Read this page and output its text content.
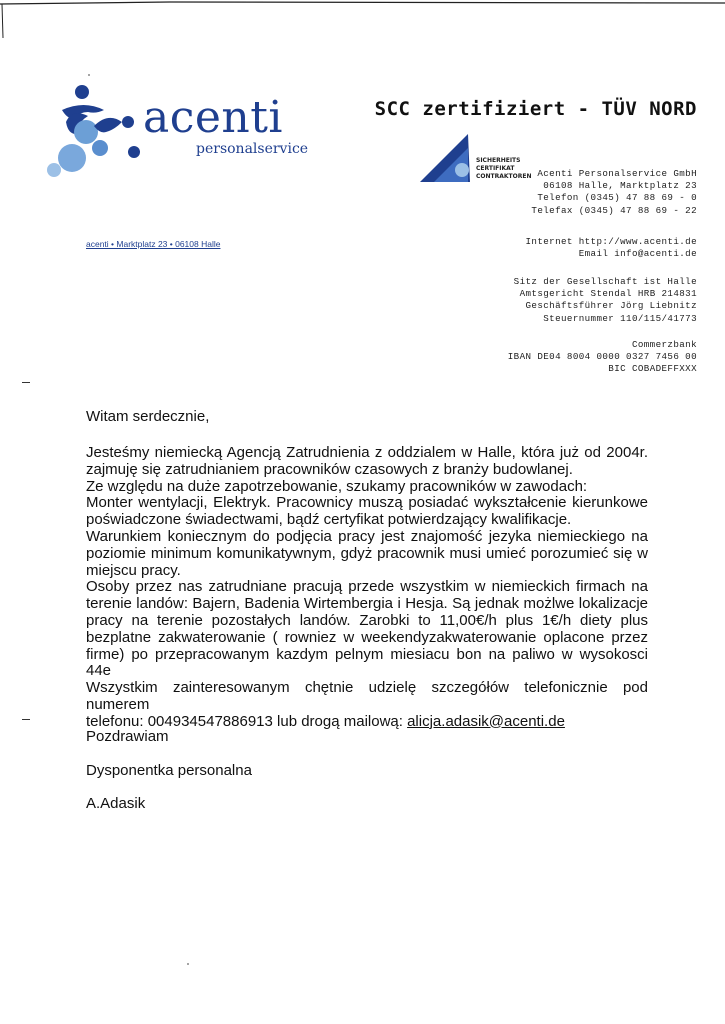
acenti
personalservice
SCC zertifiziert - TÜV NORD
SICHERHEITS
CERTIFIKAT
CONTRAKTOREN Acenti Personalservice GmbH
06108 Halle, Marktplatz 23
Telefon (0345) 47 88 69 - 0
Telefax (0345) 47 88 69 - 22
Internet http://www.acenti.de
Email info@acenti.de
Sitz der Gesellschaft ist Halle
Amtsgericht Stendal HRB 214831
Geschäftsführer Jörg Liebnitz
Steuernummer 110/115/41773
Commerzbank
IBAN DE04 8004 0000 0327 7456 00
BIC COBADEFFXXX
acenti • Marktplatz 23 • 06108 Halle
Witam serdecznie,

Jesteśmy niemiecką Agencją Zatrudnienia z oddzialem w Halle, która już od 2004r.

zajmuję się zatrudnianiem pracowników czasowych z branży budowlanej.

Ze względu na duże zapotrzebowanie, szukamy pracowników w zawodach:

Monter wentylacji, Elektryk. Pracownicy muszą posiadać wykształcenie kierunkowe

poświadczone świadectwami, bądź certyfikat potwierdzający kwalifikacje.

Warunkiem koniecznym do podjęcia pracy jest znajomość jezyka niemieckiego na

poziomie minimum komunikatywnym, gdyż pracownik musi umieć porozumieć się w

miejscu pracy.

Osoby przez nas zatrudniane pracują przede wszystkim w niemieckich firmach na

terenie landów: Bajern, Badenia Wirtembergia i Hesja. Są jednak możlwe lokalizacje

pracy na terenie pozostałych landów. Zarobki to 11,00€/h plus 1€/h diety plus

bezplatne zakwaterowanie ( rowniez w weekendyzakwaterowanie oplacone przez

firme) po przepracowanym kazdym pelnym miesiacu bon na paliwo w wysokosci 44e

Wszystkim zainteresowanym chętnie udzielę szczegółów telefonicznie pod numerem

telefonu: 004934547886913 lub drogą mailową: alicja.adasik@acenti.de

Pozdrawiam
Dysponentka personalna
A.Adasik
